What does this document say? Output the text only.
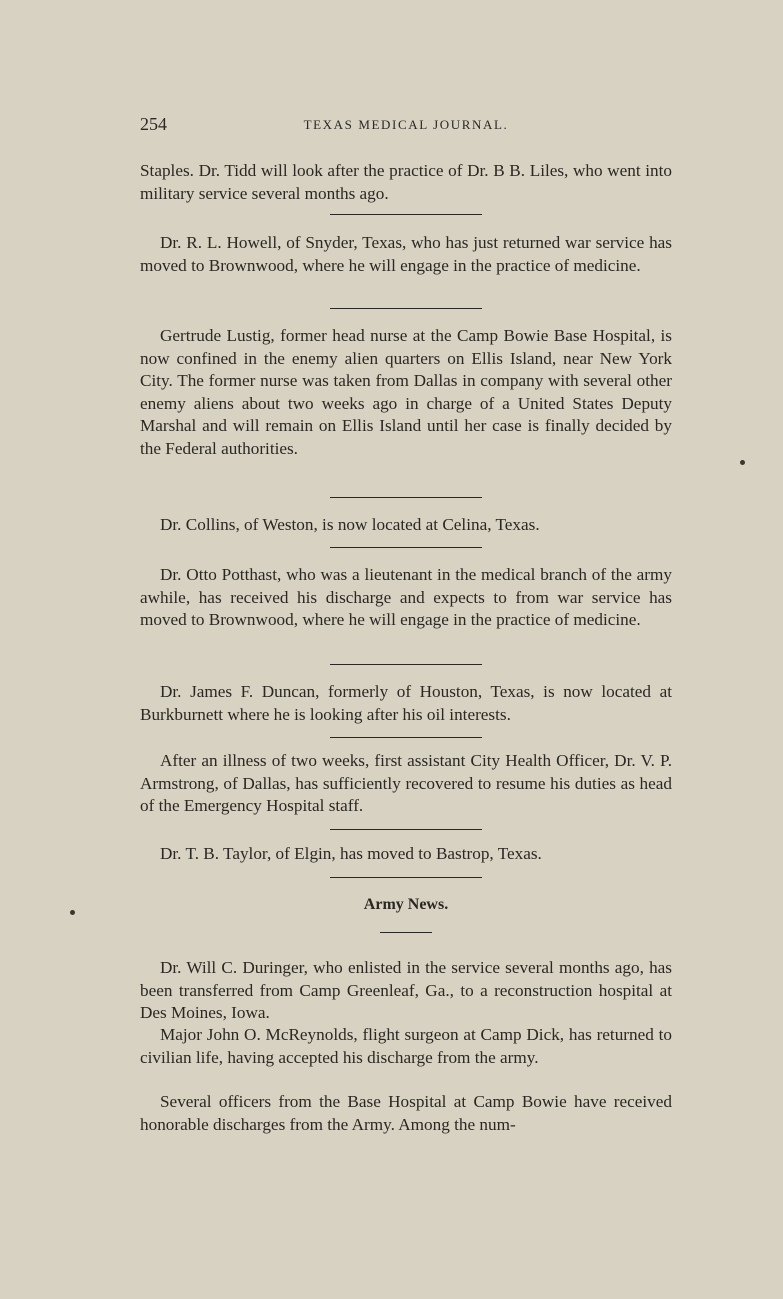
254	TEXAS MEDICAL JOURNAL.

Staples. Dr. Tidd will look after the practice of Dr. B B. Liles, who went into military service several months ago.

Dr. R. L. Howell, of Snyder, Texas, who has just returned war service has moved to Brownwood, where he will engage in the practice of medicine.

Gertrude Lustig, former head nurse at the Camp Bowie Base Hospital, is now confined in the enemy alien quarters on Ellis Island, near New York City. The former nurse was taken from Dallas in company with several other enemy aliens about two weeks ago in charge of a United States Deputy Marshal and will remain on Ellis Island until her case is finally decided by the Federal authorities.

Dr. Collins, of Weston, is now located at Celina, Texas.

Dr. Otto Potthast, who was a lieutenant in the medical branch of the army awhile, has received his discharge and expects to from war service has moved to Brownwood, where he will engage in the practice of medicine.

Dr. James F. Duncan, formerly of Houston, Texas, is now located at Burkburnett where he is looking after his oil interests.

After an illness of two weeks, first assistant City Health Officer, Dr. V. P. Armstrong, of Dallas, has sufficiently recovered to resume his duties as head of the Emergency Hospital staff.

Dr. T. B. Taylor, of Elgin, has moved to Bastrop, Texas.

Army News.

Dr. Will C. Duringer, who enlisted in the service several months ago, has been transferred from Camp Greenleaf, Ga., to a reconstruction hospital at Des Moines, Iowa.

Major John O. McReynolds, flight surgeon at Camp Dick, has returned to civilian life, having accepted his discharge from the army.

Several officers from the Base Hospital at Camp Bowie have received honorable discharges from the Army. Among the num-
